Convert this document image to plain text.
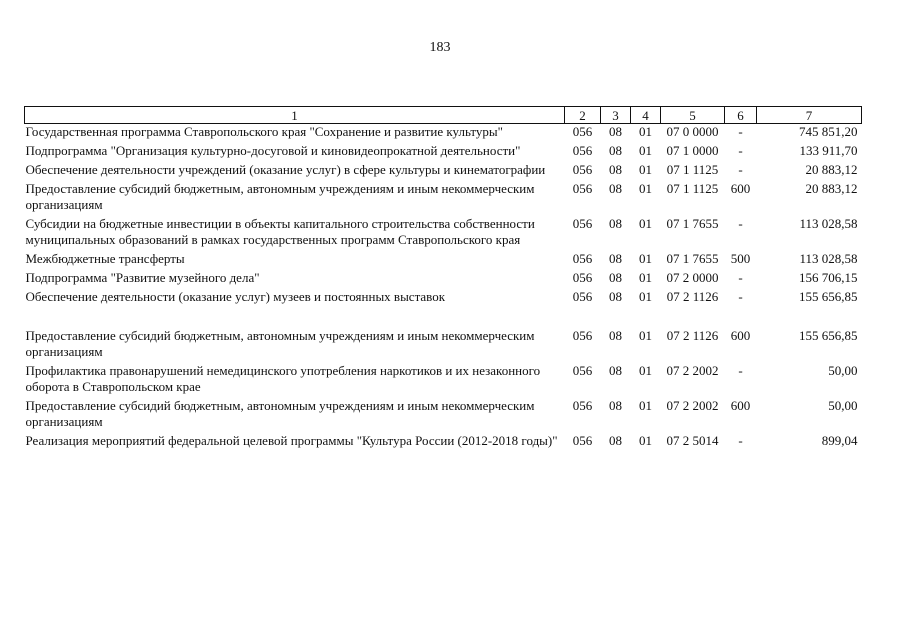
183
1	2	3	4	5	6	7
Государственная программа Ставропольского края "Сохранение и развитие культуры"	056	08	01	07 0 0000	-	745 851,20
Подпрограмма "Организация культурно-досуговой и киновидеопрокатной деятельности"	056	08	01	07 1 0000	-	133 911,70
Обеспечение деятельности учреждений (оказание услуг) в сфере культуры и кинематографии	056	08	01	07 1 1125	-	20 883,12
Предоставление субсидий бюджетным, автономным учреждениям и иным некоммерческим организациям	056	08	01	07 1 1125	600	20 883,12
Субсидии на бюджетные инвестиции в объекты капитального строительства собственности муниципальных образований в рамках государственных программ Ставропольского края	056	08	01	07 1 7655	-	113 028,58
Межбюджетные трансферты	056	08	01	07 1 7655	500	113 028,58
Подпрограмма "Развитие музейного дела"	056	08	01	07 2 0000	-	156 706,15
Обеспечение деятельности (оказание услуг) музеев и постоянных выставок	056	08	01	07 2 1126	-	155 656,85
Предоставление субсидий бюджетным, автономным учреждениям и иным некоммерческим организациям	056	08	01	07 2 1126	600	155 656,85
Профилактика правонарушений немедицинского употребления наркотиков и их незаконного оборота в Ставропольском крае	056	08	01	07 2 2002	-	50,00
Предоставление субсидий бюджетным, автономным учреждениям и иным некоммерческим организациям	056	08	01	07 2 2002	600	50,00
Реализация мероприятий федеральной целевой программы "Культура России (2012-2018 годы)"	056	08	01	07 2 5014	-	899,04
